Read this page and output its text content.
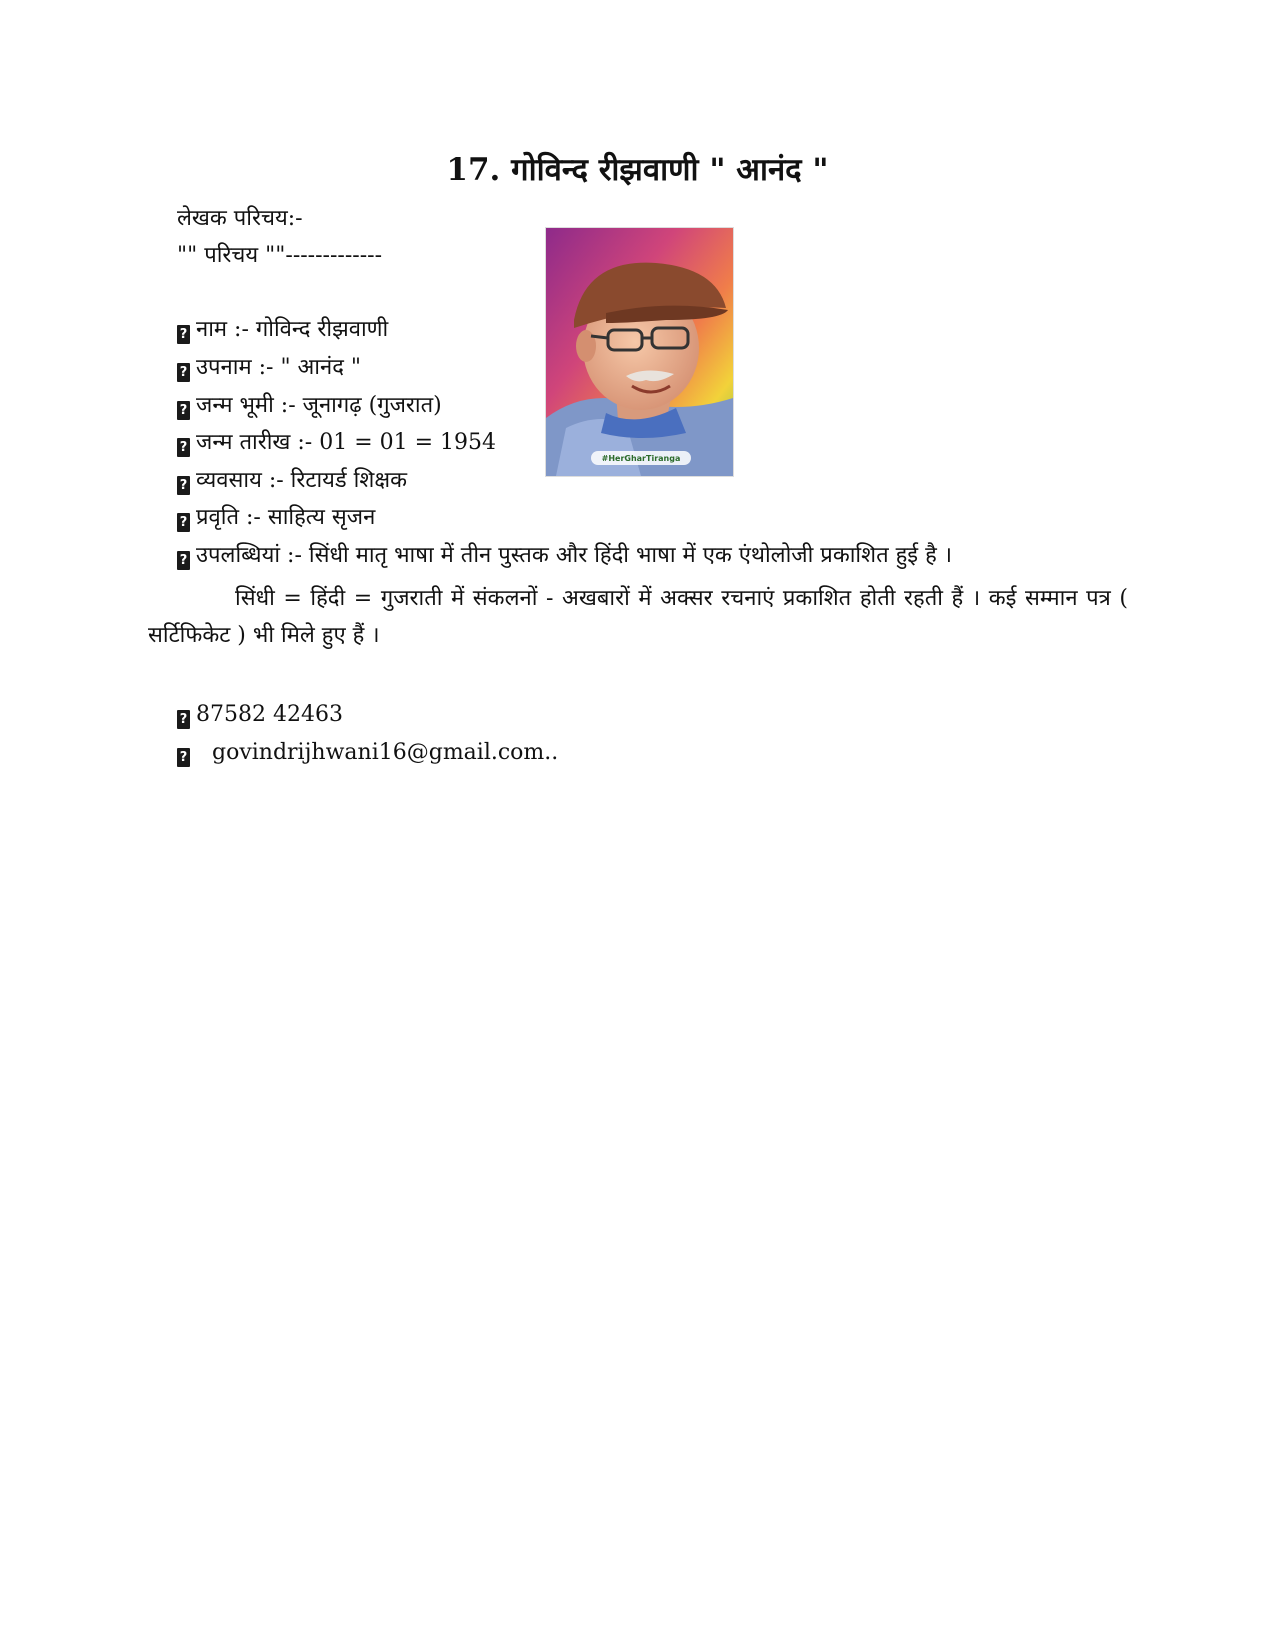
17. गोविन्द रीझवाणी " आनंद "
लेखक परिचय:-
"" परिचय ""-------------
? नाम :- गोविन्द रीझवाणी
? उपनाम :- " आनंद "
? जन्म भूमी :- जूनागढ़ (गुजरात)
? जन्म तारीख :- 01 = 01 = 1954
? व्यवसाय :- रिटायर्ड शिक्षक
? प्रवृति :- साहित्य सृजन
? उपलब्धियां :- सिंधी मातृ भाषा में तीन पुस्तक और हिंदी भाषा में एक एंथोलोजी प्रकाशित हुई है ।

सिंधी = हिंदी = गुजराती में संकलनों - अखबारों में अक्सर रचनाएं प्रकाशित होती रहती हैं । कई सम्मान पत्र ( सर्टिफिकेट ) भी मिले हुए हैं ।

? 87582 42463
? govindrijhwani16@gmail.com..
#HerGharTiranga
